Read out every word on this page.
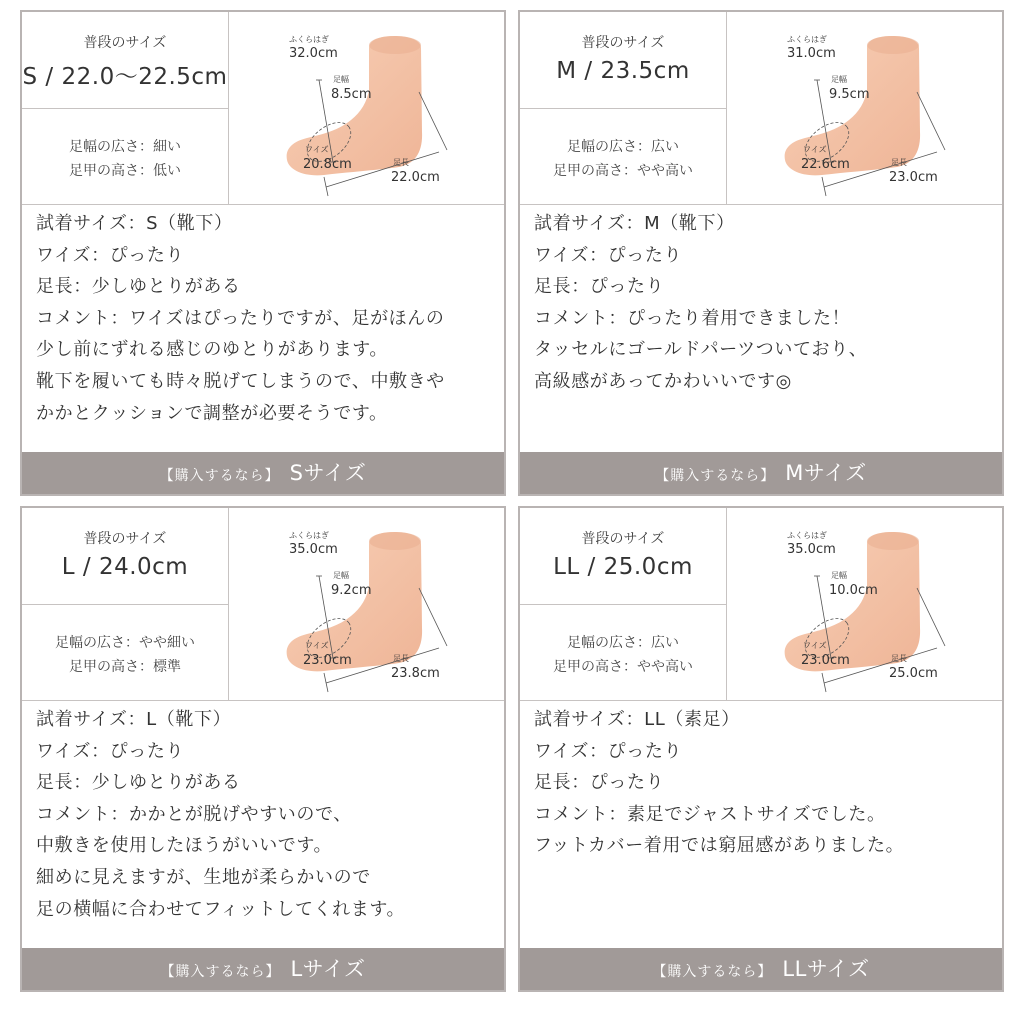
普段のサイズ
S / 22.0〜22.5cm
足幅の広さ：細い
足甲の高さ：低い
ふくらはぎ
32.0cm
足幅
8.5cm
ワイズ
20.8cm	足長
22.0cm
試着サイズ：S（靴下）
ワイズ：ぴったり
足長：少しゆとりがある
コメント：ワイズはぴったりですが、足がほんの
少し前にずれる感じのゆとりがあります。
靴下を履いても時々脱げてしまうので、中敷きや
かかとクッションで調整が必要そうです。
【購入するなら】 Sサイズ
普段のサイズ
M / 23.5cm
足幅の広さ：広い
足甲の高さ：やや高い
ふくらはぎ
31.0cm
足幅
9.5cm
ワイズ
22.6cm	足長
23.0cm
試着サイズ：M（靴下）
ワイズ：ぴったり
足長：ぴったり
コメント：ぴったり着用できました！
タッセルにゴールドパーツついており、
高級感があってかわいいです◎
【購入するなら】 Mサイズ
普段のサイズ
L / 24.0cm
足幅の広さ：やや細い
足甲の高さ：標準
ふくらはぎ
35.0cm
足幅
9.2cm
ワイズ
23.0cm	足長
23.8cm
試着サイズ：L（靴下）
ワイズ：ぴったり
足長：少しゆとりがある
コメント：かかとが脱げやすいので、
中敷きを使用したほうがいいです。
細めに見えますが、生地が柔らかいので
足の横幅に合わせてフィットしてくれます。
【購入するなら】 Lサイズ
普段のサイズ
LL / 25.0cm
足幅の広さ：広い
足甲の高さ：やや高い
ふくらはぎ
35.0cm
足幅
10.0cm
ワイズ
23.0cm	足長
25.0cm
試着サイズ：LL（素足）
ワイズ：ぴったり
足長：ぴったり
コメント：素足でジャストサイズでした。
フットカバー着用では窮屈感がありました。
【購入するなら】 LLサイズ
